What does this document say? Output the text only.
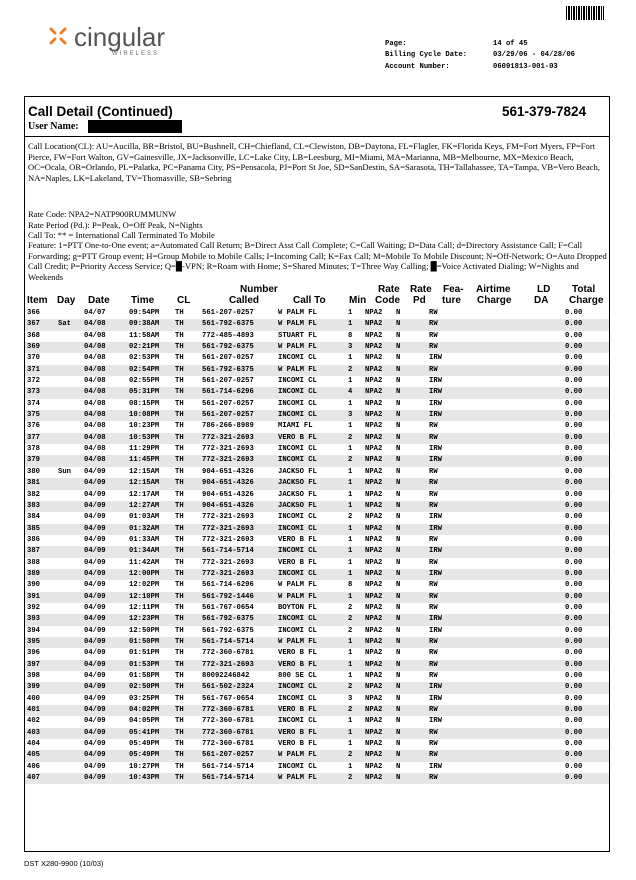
cingular
WIRELESS
Page:	14 of 45
Billing Cycle Date:	03/29/06 - 04/28/06
Account Number:	06091813-001-03
Call Detail (Continued)	561-379-7824
User Name:
Call Location(CL): AU=Aucilla, BR=Bristol, BU=Bushnell, CH=Chiefland, CL=Clewiston, DB=Daytona, FL=Flagler, FK=Florida Keys, FM=Fort Myers, FP=Fort Pierce, FW=Fort Walton, GV=Gainesville, JX=Jacksonville, LC=Lake City, LB=Leesburg, MI=Miami, MA=Marianna, MB=Melbourne, MX=Mexico Beach, OC=Ocala, OR=Orlando, PL=Palatka, PC=Panama City, PS=Pensacola, PJ=Port St Joe, SD=SanDestin, SA=Sarasota, TH=Tallahassee, TA=Tampa, VB=Vero Beach, NA=Naples, LK=Lakeland, TV=Thomasville, SB=Sebring
Rate Code: NPA2=NATP900RUMMUNW
Rate Period (Pd.): P=Peak, O=Off Peak, N=Nights
Call To: ** = International Call Terminated To Mobile
Feature: 1=PTT One-to-One event; a=Automated Call Return; B=Direct Asst Call Complete; C=Call Waiting; D=Data Call; d=Directory Assistance Call; F=Call Forwarding; g=PTT Group event; H=Group Mobile to Mobile Calls; I=Incoming Call; K=Fax Call; M=Mobile To Mobile Discount; N=Off-Network; O=Auto Dropped Call Credit; P=Priority Access Service; Q=█-VPN; R=Roam with Home; S=Shared Minutes; T=Three Way Calling; █=Voice Activated Dialing; W=Nights and Weekends
Number	Rate Rate Fea- Airtime	LD Total
Item Day Date Time CL	Called	Call To Min Code Pd ture Charge DA Charge
366	04/07	09:54PM TH	561-207-0257	W PALM FL	1 NPA2 N	RW	0.00
367	Sat 04/08	09:38AM TH	561-792-6375	W PALM FL	1 NPA2 N	RW	0.00
368	04/08	11:58AM TH	772-485-4893	STUART FL	8 NPA2 N	RW	0.00
369	04/08	02:21PM TH	561-792-6375	W PALM FL	3 NPA2 N	RW	0.00
370	04/08	02:53PM TH	561-207-0257	INCOMI CL	1 NPA2 N	IRW	0.00
371	04/08	02:54PM TH	561-792-6375	W PALM FL	2 NPA2 N	RW	0.00
372	04/08	02:55PM TH	561-207-0257	INCOMI CL	1 NPA2 N	IRW	0.00
373	04/08	05:31PM TH	561-714-6296	INCOMI CL	4 NPA2 N	IRW	0.00
374	04/08	08:15PM TH	561-207-0257	INCOMI CL	1 NPA2 N	IRW	0.00
375	04/08	10:08PM TH	561-207-0257	INCOMI CL	3 NPA2 N	IRW	0.00
376	04/08	10:23PM TH	786-266-8989	MIAMI FL	1 NPA2 N	RW	0.00
377	04/08	10:53PM TH	772-321-2693	VERO B FL	2 NPA2 N	RW	0.00
378	04/08	11:29PM TH	772-321-2693	INCOMI CL	1 NPA2 N	IRW	0.00
379	04/08	11:45PM TH	772-321-2693	INCOMI CL	2 NPA2 N	IRW	0.00
380	Sun 04/09	12:15AM TH	904-651-4326	JACKSO FL	1 NPA2 N	RW	0.00
381	04/09	12:15AM TH	904-651-4326	JACKSO FL	1 NPA2 N	RW	0.00
382	04/09	12:17AM TH	904-651-4326	JACKSO FL	1 NPA2 N	RW	0.00
383	04/09	12:27AM TH	904-651-4326	JACKSO FL	1 NPA2 N	RW	0.00
384	04/09	01:03AM TH	772-321-2693	INCOMI CL	2 NPA2 N	IRW	0.00
385	04/09	01:32AM TH	772-321-2693	INCOMI CL	1 NPA2 N	IRW	0.00
386	04/09	01:33AM TH	772-321-2693	VERO B FL	1 NPA2 N	RW	0.00
387	04/09	01:34AM TH	561-714-5714	INCOMI CL	1 NPA2 N	IRW	0.00
388	04/09	11:42AM TH	772-321-2693	VERO B FL	1 NPA2 N	RW	0.00
389	04/09	12:00PM TH	772-321-2693	INCOMI CL	1 NPA2 N	IRW	0.00
390	04/09	12:02PM TH	561-714-6296	W PALM FL	8 NPA2 N	RW	0.00
391	04/09	12:10PM TH	561-792-1446	W PALM FL	1 NPA2 N	RW	0.00
392	04/09	12:11PM TH	561-767-0654	BOYTON FL	2 NPA2 N	RW	0.00
393	04/09	12:23PM TH	561-792-6375	INCOMI CL	2 NPA2 N	IRW	0.00
394	04/09	12:50PM TH	561-792-6375	INCOMI CL	2 NPA2 N	IRW	0.00
395	04/09	01:50PM TH	561-714-5714	W PALM FL	1 NPA2 N	RW	0.00
396	04/09	01:51PM TH	772-360-6781	VERO B FL	1 NPA2 N	RW	0.00
397	04/09	01:53PM TH	772-321-2693	VERO B FL	1 NPA2 N	RW	0.00
398	04/09	01:58PM TH	80092246842	800 SE CL	1 NPA2 N	RW	0.00
399	04/09	02:50PM TH	561-502-2324	INCOMI CL	2 NPA2 N	IRW	0.00
400	04/09	03:25PM TH	561-767-0654	INCOMI CL	3 NPA2 N	IRW	0.00
401	04/09	04:02PM TH	772-360-6781	VERO B FL	2 NPA2 N	RW	0.00
402	04/09	04:05PM TH	772-360-6781	INCOMI CL	1 NPA2 N	IRW	0.00
403	04/09	05:41PM TH	772-360-6781	VERO B FL	1 NPA2 N	RW	0.00
404	04/09	05:49PM TH	772-360-6781	VERO B FL	1 NPA2 N	RW	0.00
405	04/09	05:49PM TH	561-207-0257	W PALM FL	2 NPA2 N	RW	0.00
406	04/09	10:27PM TH	561-714-5714	INCOMI CL	1 NPA2 N	IRW	0.00
407	04/09	10:43PM TH	561-714-5714	W PALM FL	2 NPA2 N	RW	0.00
DST X280-9900 (10/03)
